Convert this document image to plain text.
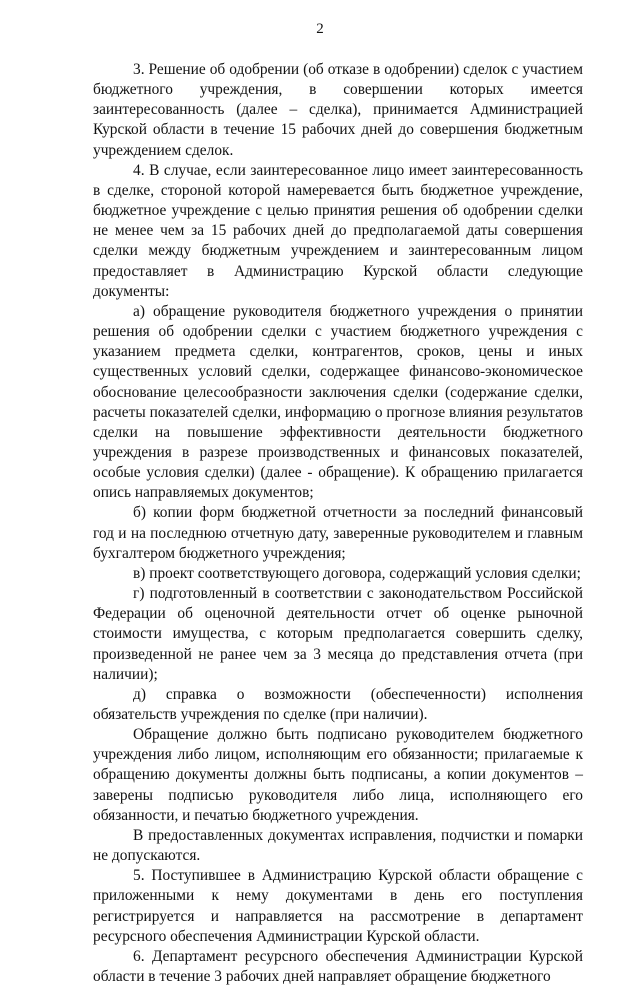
2

3. Решение об одобрении (об отказе в одобрении) сделок с участием бюджетного учреждения, в совершении которых имеется заинтересованность (далее – сделка), принимается Администрацией Курской области в течение 15 рабочих дней до совершения бюджетным учреждением сделок.

4. В случае, если заинтересованное лицо имеет заинтересованность в сделке, стороной которой намеревается быть бюджетное учреждение, бюджетное учреждение с целью принятия решения об одобрении сделки не менее чем за 15 рабочих дней до предполагаемой даты совершения сделки между бюджетным учреждением и заинтересованным лицом предоставляет в Администрацию Курской области следующие документы:

а) обращение руководителя бюджетного учреждения о принятии решения об одобрении сделки с участием бюджетного учреждения с указанием предмета сделки, контрагентов, сроков, цены и иных существенных условий сделки, содержащее финансово-экономическое обоснование целесообразности заключения сделки (содержание сделки, расчеты показателей сделки, информацию о прогнозе влияния результатов сделки на повышение эффективности деятельности бюджетного учреждения в разрезе производственных и финансовых показателей, особые условия сделки) (далее - обращение). К обращению прилагается опись направляемых документов;

б) копии форм бюджетной отчетности за последний финансовый год и на последнюю отчетную дату, заверенные руководителем и главным бухгалтером бюджетного учреждения;

в) проект соответствующего договора, содержащий условия сделки;

г) подготовленный в соответствии с законодательством Российской Федерации об оценочной деятельности отчет об оценке рыночной стоимости имущества, с которым предполагается совершить сделку, произведенной не ранее чем за 3 месяца до представления отчета (при наличии);

д) справка о возможности (обеспеченности) исполнения обязательств учреждения по сделке (при наличии).

Обращение должно быть подписано руководителем бюджетного учреждения либо лицом, исполняющим его обязанности; прилагаемые к обращению документы должны быть подписаны, а копии документов – заверены подписью руководителя либо лица, исполняющего его обязанности, и печатью бюджетного учреждения.

В предоставленных документах исправления, подчистки и помарки не допускаются.

5. Поступившее в Администрацию Курской области обращение с приложенными к нему документами в день его поступления регистрируется и направляется на рассмотрение в департамент ресурсного обеспечения Администрации Курской области.

6. Департамент ресурсного обеспечения Администрации Курской области в течение 3 рабочих дней направляет обращение бюджетного
